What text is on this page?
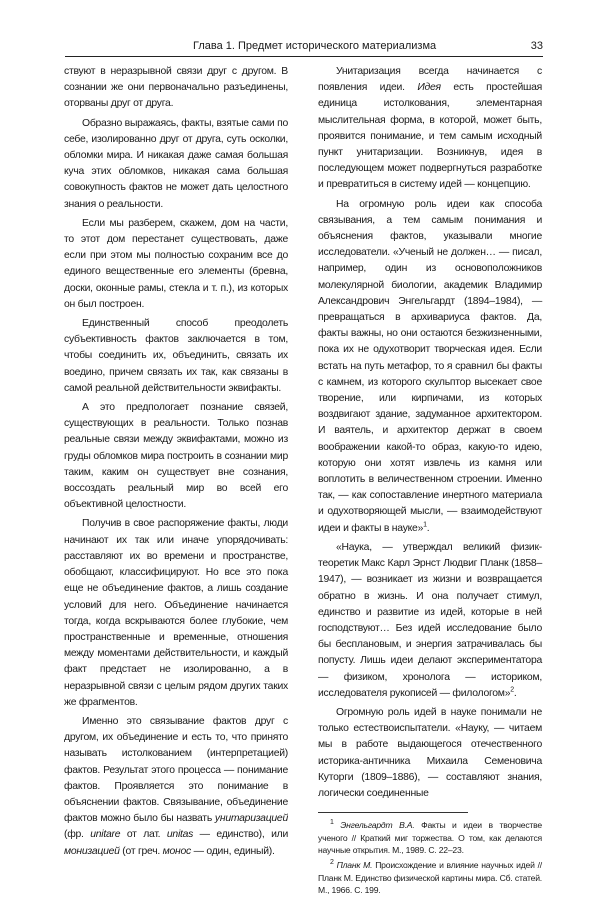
Глава 1. Предмет исторического материализма	33

ствуют в неразрывной связи друг с другом. В сознании же они первоначально разъединены, оторваны друг от друга.

Образно выражаясь, факты, взятые сами по себе, изолированно друг от друга, суть осколки, обломки мира. И никакая даже самая большая куча этих обломков, никакая сама большая совокупность фактов не может дать целостного знания о реальности.

Если мы разберем, скажем, дом на части, то этот дом перестанет существовать, даже если при этом мы полностью сохраним все до единого вещественные его элементы (бревна, доски, оконные рамы, стекла и т. п.), из которых он был построен.

Единственный способ преодолеть субъективность фактов заключается в том, чтобы соединить их, объединить, связать их воедино, причем связать их так, как связаны в самой реальной действительности эквифакты.

А это предпологает познание связей, существующих в реальности. Только познав реальные связи между эквифактами, можно из груды обломков мира построить в сознании мир таким, каким он существует вне сознания, воссоздать реальный мир во всей его объективной целостности.

Получив в свое распоряжение факты, люди начинают их так или иначе упорядочивать: расставляют их во времени и пространстве, обобщают, классифицируют. Но все это пока еще не объединение фактов, а лишь создание условий для него. Объединение начинается тогда, когда вскрываются более глубокие, чем пространственные и временные, отношения между моментами действительности, и каждый факт предстает не изолированно, а в неразрывной связи с целым рядом других таких же фрагментов.

Именно это связывание фактов друг с другом, их объединение и есть то, что принято называть истолкованием (интерпретацией) фактов. Результат этого процесса — понимание фактов. Проявляется это понимание в объяснении фактов. Связывание, объединение фактов можно было бы назвать унитаризацией (фр. unitare от лат. unitas — единство), или монизацией (от греч. монос — один, единый).

Унитаризация всегда начинается с появления идеи. Идея есть простейшая единица истолкования, элементарная мыслительная форма, в которой, может быть, проявится понимание, и тем самым исходный пункт унитаризации. Возникнув, идея в последующем может подвергнуться разработке и превратиться в систему идей — концепцию.

На огромную роль идеи как способа связывания, а тем самым понимания и объяснения фактов, указывали многие исследователи. «Ученый не должен… — писал, например, один из основоположников молекулярной биологии, академик Владимир Александрович Энгельгардт (1894–1984), — превращаться в архивариуса фактов. Да, факты важны, но они остаются безжизненными, пока их не одухотворит творческая идея. Если встать на путь метафор, то я сравнил бы факты с камнем, из которого скульптор высекает свое творение, или кирпичами, из которых воздвигают здание, задуманное архитектором. И ваятель, и архитектор держат в своем воображении какой-то образ, какую-то идею, которую они хотят извлечь из камня или воплотить в величественном строении. Именно так, — как сопоставление инертного материала и одухотворяющей мысли, — взаимодействуют идеи и факты в науке»$^1$.

«Наука, — утверждал великий физик-теоретик Макс Карл Эрнст Людвиг Планк (1858–1947), — возникает из жизни и возвращается обратно в жизнь. И она получает стимул, единство и развитие из идей, которые в ней господствуют… Без идей исследование было бы бесплановым, и энергия затрачивалась бы попусту. Лишь идеи делают экспериментатора — физиком, хронолога — историком, исследователя рукописей — филологом»$^2$.

Огромную роль идей в науке понимали не только естествоиспытатели. «Науку, — читаем мы в работе выдающегося отечественного историка-античника Михаила Семеновича Куторги (1809–1886), — составляют знания, логически соединенные

$^1$ Энгельгардт В.А. Факты и идеи в творчестве ученого // Краткий миг торжества. О том, как делаются научные открытия. М., 1989. С. 22–23.

$^2$ Планк М. Происхождение и влияние научных идей // Планк М. Единство физической картины мира. Сб. статей. М., 1966. С. 199.
